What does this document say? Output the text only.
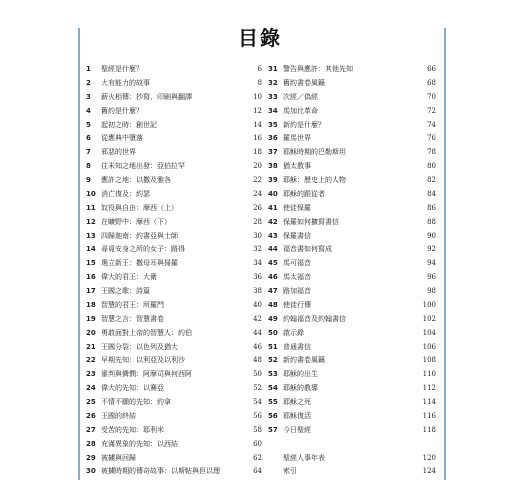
目錄
1	聖經是什麼？	6
2	大有能力的故事	8
3	薪火相傳：抄寫、印刷與翻譯	10
4	舊約是什麼？	12
5	起初之時：創世記	14
6	從應典中墮落	16
7	邪惡的世界	18
8	住未知之地出發：亞伯拉罕	20
9	應許之地：以撒及雅各	22
10 消亡復及：約瑟	24
11 奴役與自由：摩西（上）	26
12 在曠野中：摩西（下）	28
13 四歸迦南：約書亞與士師	30
14 尋覓安身之所的女子：路得	32
15 選立新王：撒母耳與掃羅	34
16 偉大的君王：大衛	36
17 王國之歌：詩篇	38
18 智慧的君王：所羅門	40
19 智慧之言：智慧書卷	42
20 勇敢面對上帝的智慧人：約伯	44
21 王國分裂：以色列及猶大	46
22 早期先知：以利亞及以利沙	48
23 審判與憐憫：阿摩司與何西阿	50
24 偉大的先知：以賽亞	52
25 不情不願的先知：約拿	54
26 王國的終結	56
27 受苦的先知：耶利米	58
28 充滿異象的先知：以西結	60
29 被擄與回歸	62
30 被擄時期的傳奇故事：以斯帖與但以理	64
31 警告與應許：其他先知	66
32 舊約書卷風籟	68
33 次經／偽經	70
34 馬加比革命	72
35 新約是什麼？	74
36 羅馬世界	76
37 耶穌時期的巴勒斯坦	78
38 猶太教事	80
39 耶穌：歷史上的人物	82
40 耶穌的跟從者	84
41 使徒保羅	86
42 保羅如何擴寫書信	88
43 保羅書信	90
44 福音書如何寫成	92
45 馬可福音	94
46 馬太福音	96
47 路加福音	98
48 使徒行傳	100
49 約翰福音及約翰書信	102
50 啟示錄	104
51 普通書信	106
52 新約書卷風籟	108
53 耶穌的出生	110
54 耶穌的教導	112
55 耶穌之死	114
56 耶穌復活	116
57 今日聖經	118
聖經人事年表	120
索引	124
